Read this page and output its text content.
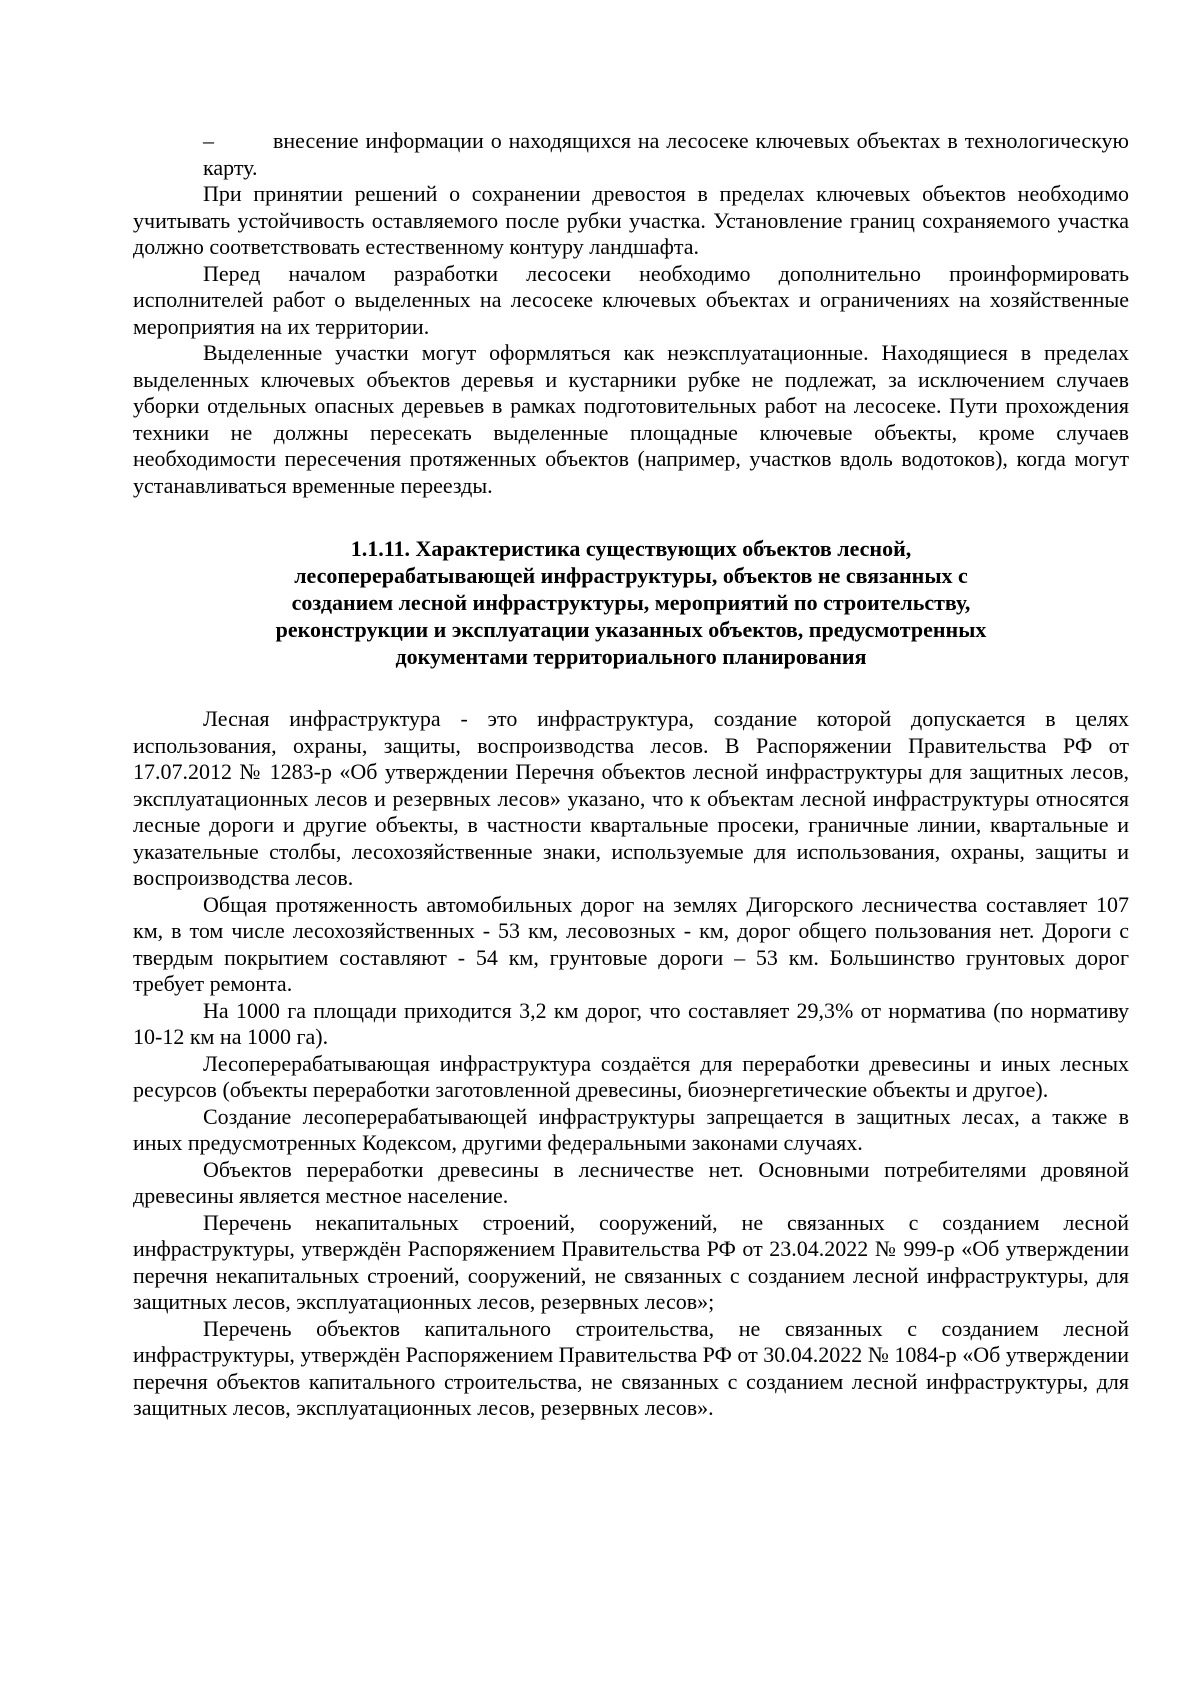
–	внесение информации о находящихся на лесосеке ключевых объектах в технологическую карту.

При принятии решений о сохранении древостоя в пределах ключевых объектов необходимо учитывать устойчивость оставляемого после рубки участка. Установление границ сохраняемого участка должно соответствовать естественному контуру ландшафта.

Перед началом разработки лесосеки необходимо дополнительно проинформировать исполнителей работ о выделенных на лесосеке ключевых объектах и ограничениях на хозяйственные мероприятия на их территории.

Выделенные участки могут оформляться как неэксплуатационные. Находящиеся в пределах выделенных ключевых объектов деревья и кустарники рубке не подлежат, за исключением случаев уборки отдельных опасных деревьев в рамках подготовительных работ на лесосеке. Пути прохождения техники не должны пересекать выделенные площадные ключевые объекты, кроме случаев необходимости пересечения протяженных объектов (например, участков вдоль водотоков), когда могут устанавливаться временные переезды.

1.1.11. Характеристика существующих объектов лесной,
лесоперерабатывающей инфраструктуры, объектов не связанных с
созданием лесной инфраструктуры, мероприятий по строительству,
реконструкции и эксплуатации указанных объектов, предусмотренных
документами территориального планирования

Лесная инфраструктура - это инфраструктура, создание которой допускается в целях использования, охраны, защиты, воспроизводства лесов. В Распоряжении Правительства РФ от 17.07.2012 № 1283-р «Об утверждении Перечня объектов лесной инфраструктуры для защитных лесов, эксплуатационных лесов и резервных лесов» указано, что к объектам лесной инфраструктуры относятся лесные дороги и другие объекты, в частности квартальные просеки, граничные линии, квартальные и указательные столбы, лесохозяйственные знаки, используемые для использования, охраны, защиты и воспроизводства лесов.

Общая протяженность автомобильных дорог на землях Дигорского лесничества составляет 107 км, в том числе лесохозяйственных - 53 км, лесовозных - км, дорог общего пользования нет. Дороги с твердым покрытием составляют - 54 км, грунтовые дороги – 53 км. Большинство грунтовых дорог требует ремонта.

На 1000 га площади приходится 3,2 км дорог, что составляет 29,3% от норматива (по нормативу 10-12 км на 1000 га).

Лесоперерабатывающая инфраструктура создаётся для переработки древесины и иных лесных ресурсов (объекты переработки заготовленной древесины, биоэнергетические объекты и другое).

Создание лесоперерабатывающей инфраструктуры запрещается в защитных лесах, а также в иных предусмотренных Кодексом, другими федеральными законами случаях.

Объектов переработки древесины в лесничестве нет. Основными потребителями дровяной древесины является местное население.

Перечень некапитальных строений, сооружений, не связанных с созданием лесной инфраструктуры, утверждён Распоряжением Правительства РФ от 23.04.2022 № 999-р «Об утверждении перечня некапитальных строений, сооружений, не связанных с созданием лесной инфраструктуры, для защитных лесов, эксплуатационных лесов, резервных лесов»;

Перечень объектов капитального строительства, не связанных с созданием лесной инфраструктуры, утверждён Распоряжением Правительства РФ от 30.04.2022 № 1084-р «Об утверждении перечня объектов капитального строительства, не связанных с созданием лесной инфраструктуры, для защитных лесов, эксплуатационных лесов, резервных лесов».
